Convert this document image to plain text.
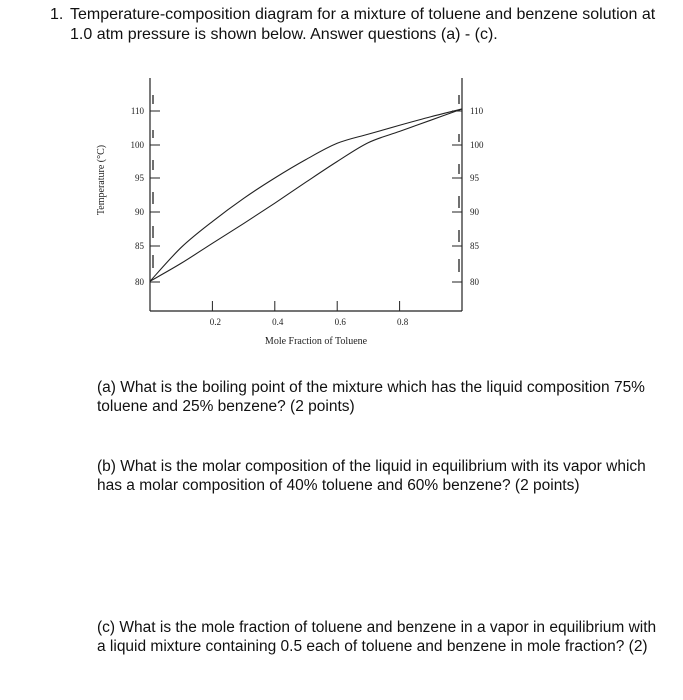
1. Temperature-composition diagram for a mixture of toluene and benzene solution at 1.0 atm pressure is shown below. Answer questions (a) - (c).
110	110
100	100
95	95
90	90
85	85
80	80
0.2	0.4	0.6	0.8
Mole Fraction of Toluene
Temperature (°C)
(a) What is the boiling point of the mixture which has the liquid composition 75% toluene and 25% benzene? (2 points)
(b) What is the molar composition of the liquid in equilibrium with its vapor which has a molar composition of 40% toluene and 60% benzene? (2 points)
(c) What is the mole fraction of toluene and benzene in a vapor in equilibrium with a liquid mixture containing 0.5 each of toluene and benzene in mole fraction? (2)
